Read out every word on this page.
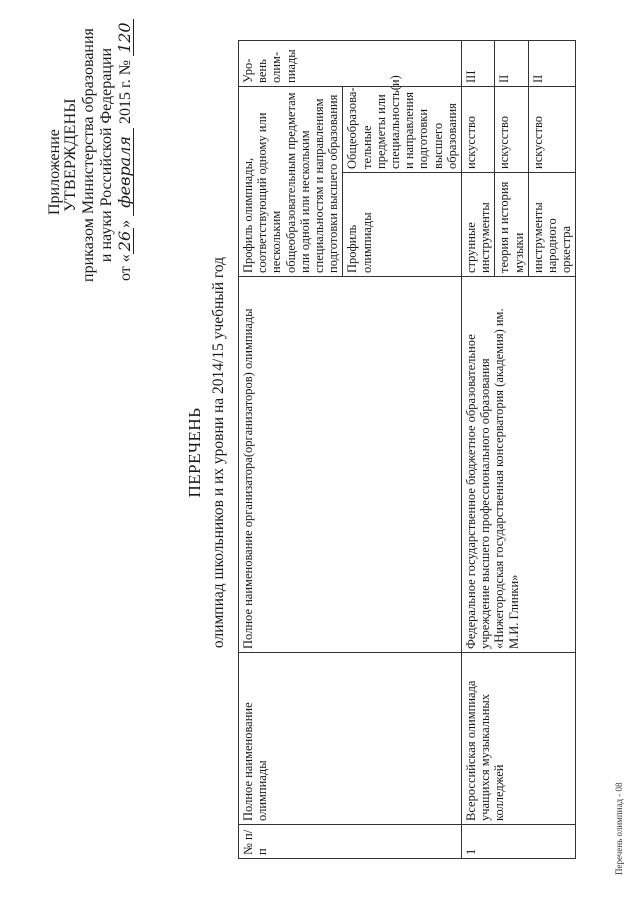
Приложение УТВЕРЖДЕНЫ приказом Министерства образования и науки Российской Федерации
от «26» февраля 2015 г. № 120
ПЕРЕЧЕНЬ олимпиад школьников и их уровни на 2014/15 учебный год
№ п/п	Полное наименование олимпиады	Полное наименование организатора(организаторов) олимпиады	Профиль олимпиады, соответствующий одному или нескольким общеобразовательным предметам или одной или нескольким специальностям и направлениям подготовки высшего образования		Уро-вень олим-пиады
			Профиль олимпиады	Общеобразова-тельные предметы или специальность(и) и направления подготовки высшего образования	
1	Всероссийская олимпиада учащихся музыкальных колледжей	Федеральное государственное бюджетное образовательное учреждение высшего профессионального образования «Нижегородская государственная консерватория (академия) им. М.И. Глинки»	струнные инструменты	искусство	III
			теория и история музыки	искусство	II
			инструменты народного оркестра	искусство	II
Перечень олимпиад - 08
